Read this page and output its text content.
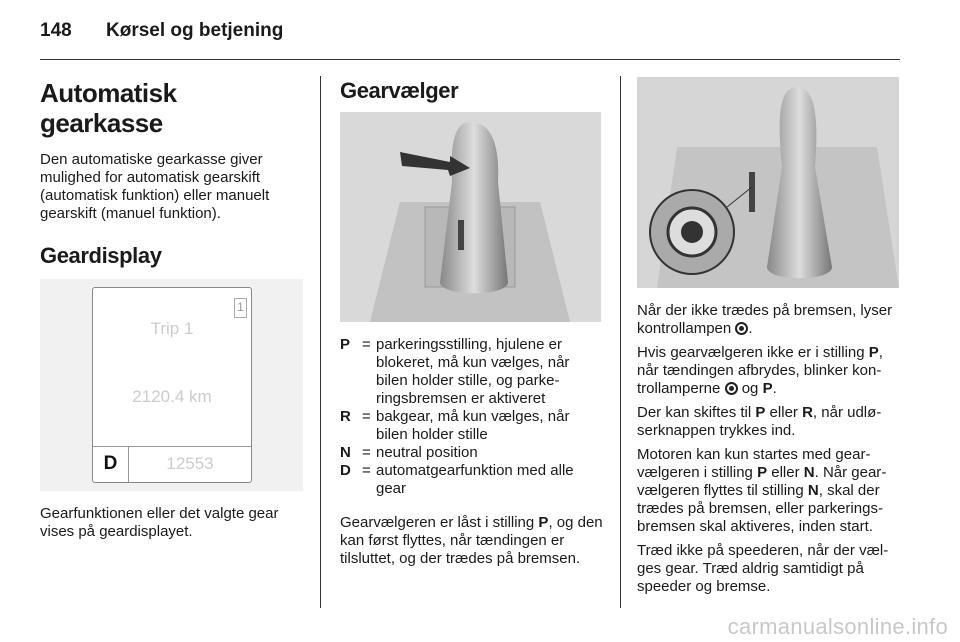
148 Kørsel og betjening
Automatisk gearkasse

Den automatiske gearkasse giver mulighed for automatisk gearskift (automatisk funktion) eller manuelt gearskift (manuel funktion).

Geardisplay
1
Trip 1
2120.4 km
D	12553

Gearfunktionen eller det valgte gear vises på geardisplayet.

Gearvælger
P = parkeringsstilling, hjulene er blokeret, må kun vælges, når bilen holder stille, og parkeringsbremsen er aktiveret
R = bakgear, må kun vælges, når bilen holder stille
N = neutral position
D = automatgearfunktion med alle gear

Gearvælgeren er låst i stilling P, og den kan først flyttes, når tændingen er tilsluttet, og der trædes på bremsen.

Når der ikke trædes på bremsen, lyser kontrollampen .

Hvis gearvælgeren ikke er i stilling P, når tændingen afbrydes, blinker kontrollamperne  og P.

Der kan skiftes til P eller R, når udløserknappen trykkes ind.

Motoren kan kun startes med gearvælgeren i stilling P eller N. Når gearvælgeren flyttes til stilling N, skal der trædes på bremsen, eller parkeringsbremsen skal aktiveres, inden start.

Træd ikke på speederen, når der vælges gear. Træd aldrig samtidigt på speeder og bremse.

carmanualsonline.info
